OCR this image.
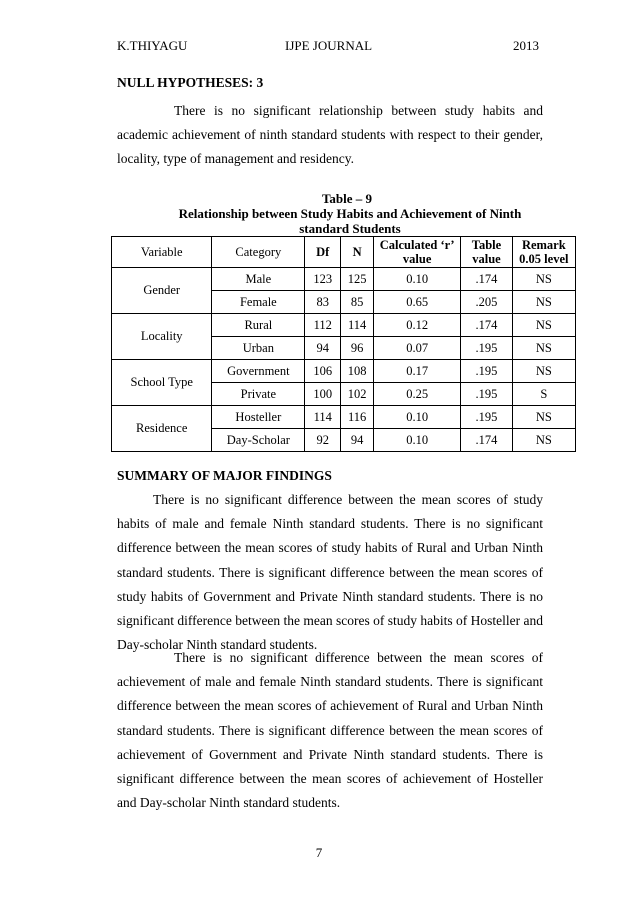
K.THIYAGU	IJPE JOURNAL	2013
NULL HYPOTHESES: 3

There is no significant relationship between study habits and academic achievement of ninth standard students with respect to their gender, locality, type of management and residency.

Table – 9
Relationship between Study Habits and Achievement of Ninth standard Students
Variable	Category	Df	N	Calculated ‘r’ value	Table value	Remark 0.05 level
Gender	Male	123	125	0.10	.174	NS
	Female	83	85	0.65	.205	NS
Locality	Rural	112	114	0.12	.174	NS
	Urban	94	96	0.07	.195	NS
School Type	Government	106	108	0.17	.195	NS
	Private	100	102	0.25	.195	S
Residence	Hosteller	114	116	0.10	.195	NS
	Day-Scholar	92	94	0.10	.174	NS
SUMMARY OF MAJOR FINDINGS

There is no significant difference between the mean scores of study habits of male and female Ninth standard students. There is no significant difference between the mean scores of study habits of Rural and Urban Ninth standard students. There is significant difference between the mean scores of study habits of Government and Private Ninth standard students. There is no significant difference between the mean scores of study habits of Hosteller and Day-scholar Ninth standard students.

There is no significant difference between the mean scores of achievement of male and female Ninth standard students. There is significant difference between the mean scores of achievement of Rural and Urban Ninth standard students. There is significant difference between the mean scores of achievement of Government and Private Ninth standard students. There is significant difference between the mean scores of achievement of Hosteller and Day-scholar Ninth standard students.

7
